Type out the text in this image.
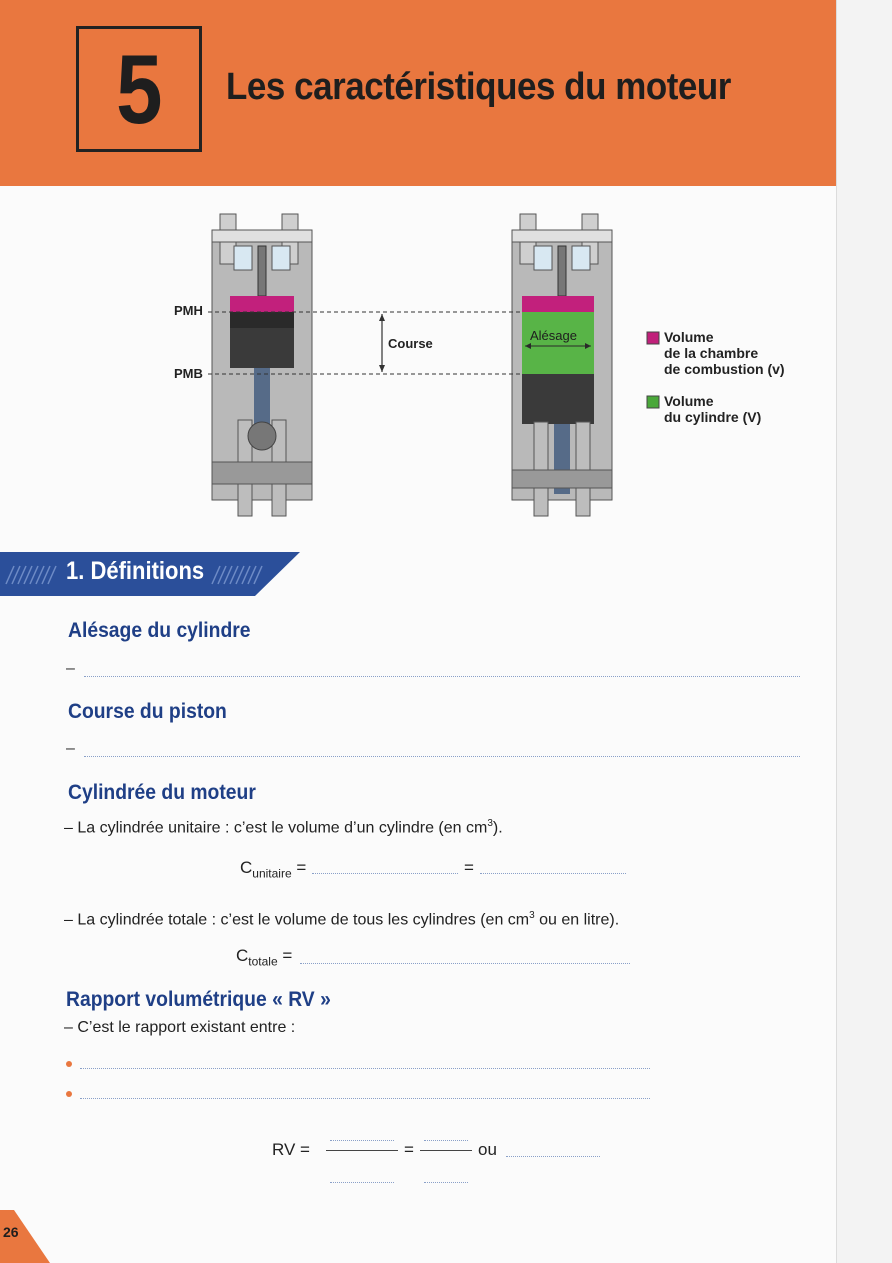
5 Les caractéristiques du moteur
PMH
PMB
Course
Alésage	Volume
de la chambre
de combustion (v)
Volume
du cylindre (V)
1. Définitions
Alésage du cylindre
–
Course du piston
–
Cylindrée du moteur
– La cylindrée unitaire : c’est le volume d’un cylindre (en $cm^3$).
$C_{unitaire}$ =	=
– La cylindrée totale : c’est le volume de tous les cylindres (en $cm^3$ ou en litre).
$C_{totale}$ =
Rapport volumétrique « RV »
– C’est le rapport existant entre :
RV =	=	ou
26
